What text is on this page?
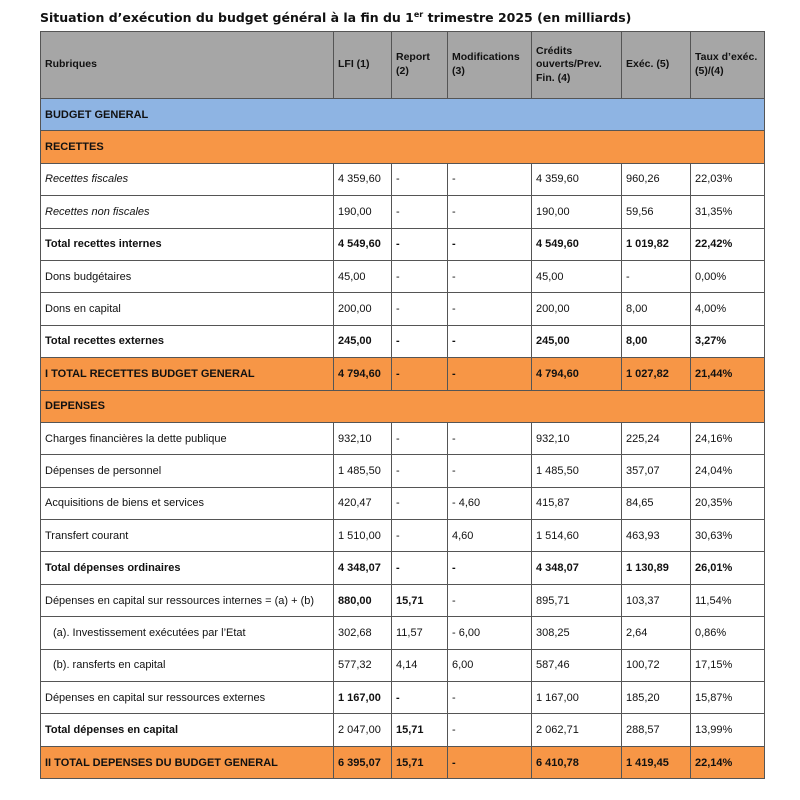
Situation d’exécution du budget général à la fin du 1er trimestre 2025 (en milliards)
Rubriques	LFI (1)	Report (2)	Modifications (3)	Crédits ouverts/Prev. Fin. (4)	Exéc. (5)	Taux d’exéc. (5)/(4)
BUDGET GENERAL						
RECETTES						
Recettes fiscales	4 359,60	-	-	4 359,60	960,26	22,03%
Recettes non fiscales	190,00	-	-	190,00	59,56	31,35%
Total recettes internes	4 549,60	-	-	4 549,60	1 019,82	22,42%
Dons budgétaires	45,00	-	-	45,00	-	0,00%
Dons en capital	200,00	-	-	200,00	8,00	4,00%
Total recettes externes	245,00	-	-	245,00	8,00	3,27%
I TOTAL RECETTES BUDGET GENERAL	4 794,60	-	-	4 794,60	1 027,82	21,44%
DEPENSES						
Charges financières la dette publique	932,10	-	-	932,10	225,24	24,16%
Dépenses de personnel	1 485,50	-	-	1 485,50	357,07	24,04%
Acquisitions de biens et services	420,47	-	- 4,60	415,87	84,65	20,35%
Transfert courant	1 510,00	-	4,60	1 514,60	463,93	30,63%
Total dépenses ordinaires	4 348,07	-	-	4 348,07	1 130,89	26,01%
Dépenses en capital sur ressources internes = (a) + (b)	880,00	15,71	-	895,71	103,37	11,54%
(a). Investissement exécutées par l’Etat	302,68	11,57	- 6,00	308,25	2,64	0,86%
(b). ransferts en capital	577,32	4,14	6,00	587,46	100,72	17,15%
Dépenses en capital sur ressources externes	1 167,00	-	-	1 167,00	185,20	15,87%
Total dépenses en capital	2 047,00	15,71	-	2 062,71	288,57	13,99%
II TOTAL DEPENSES DU BUDGET GENERAL	6 395,07	15,71	-	6 410,78	1 419,45	22,14%
